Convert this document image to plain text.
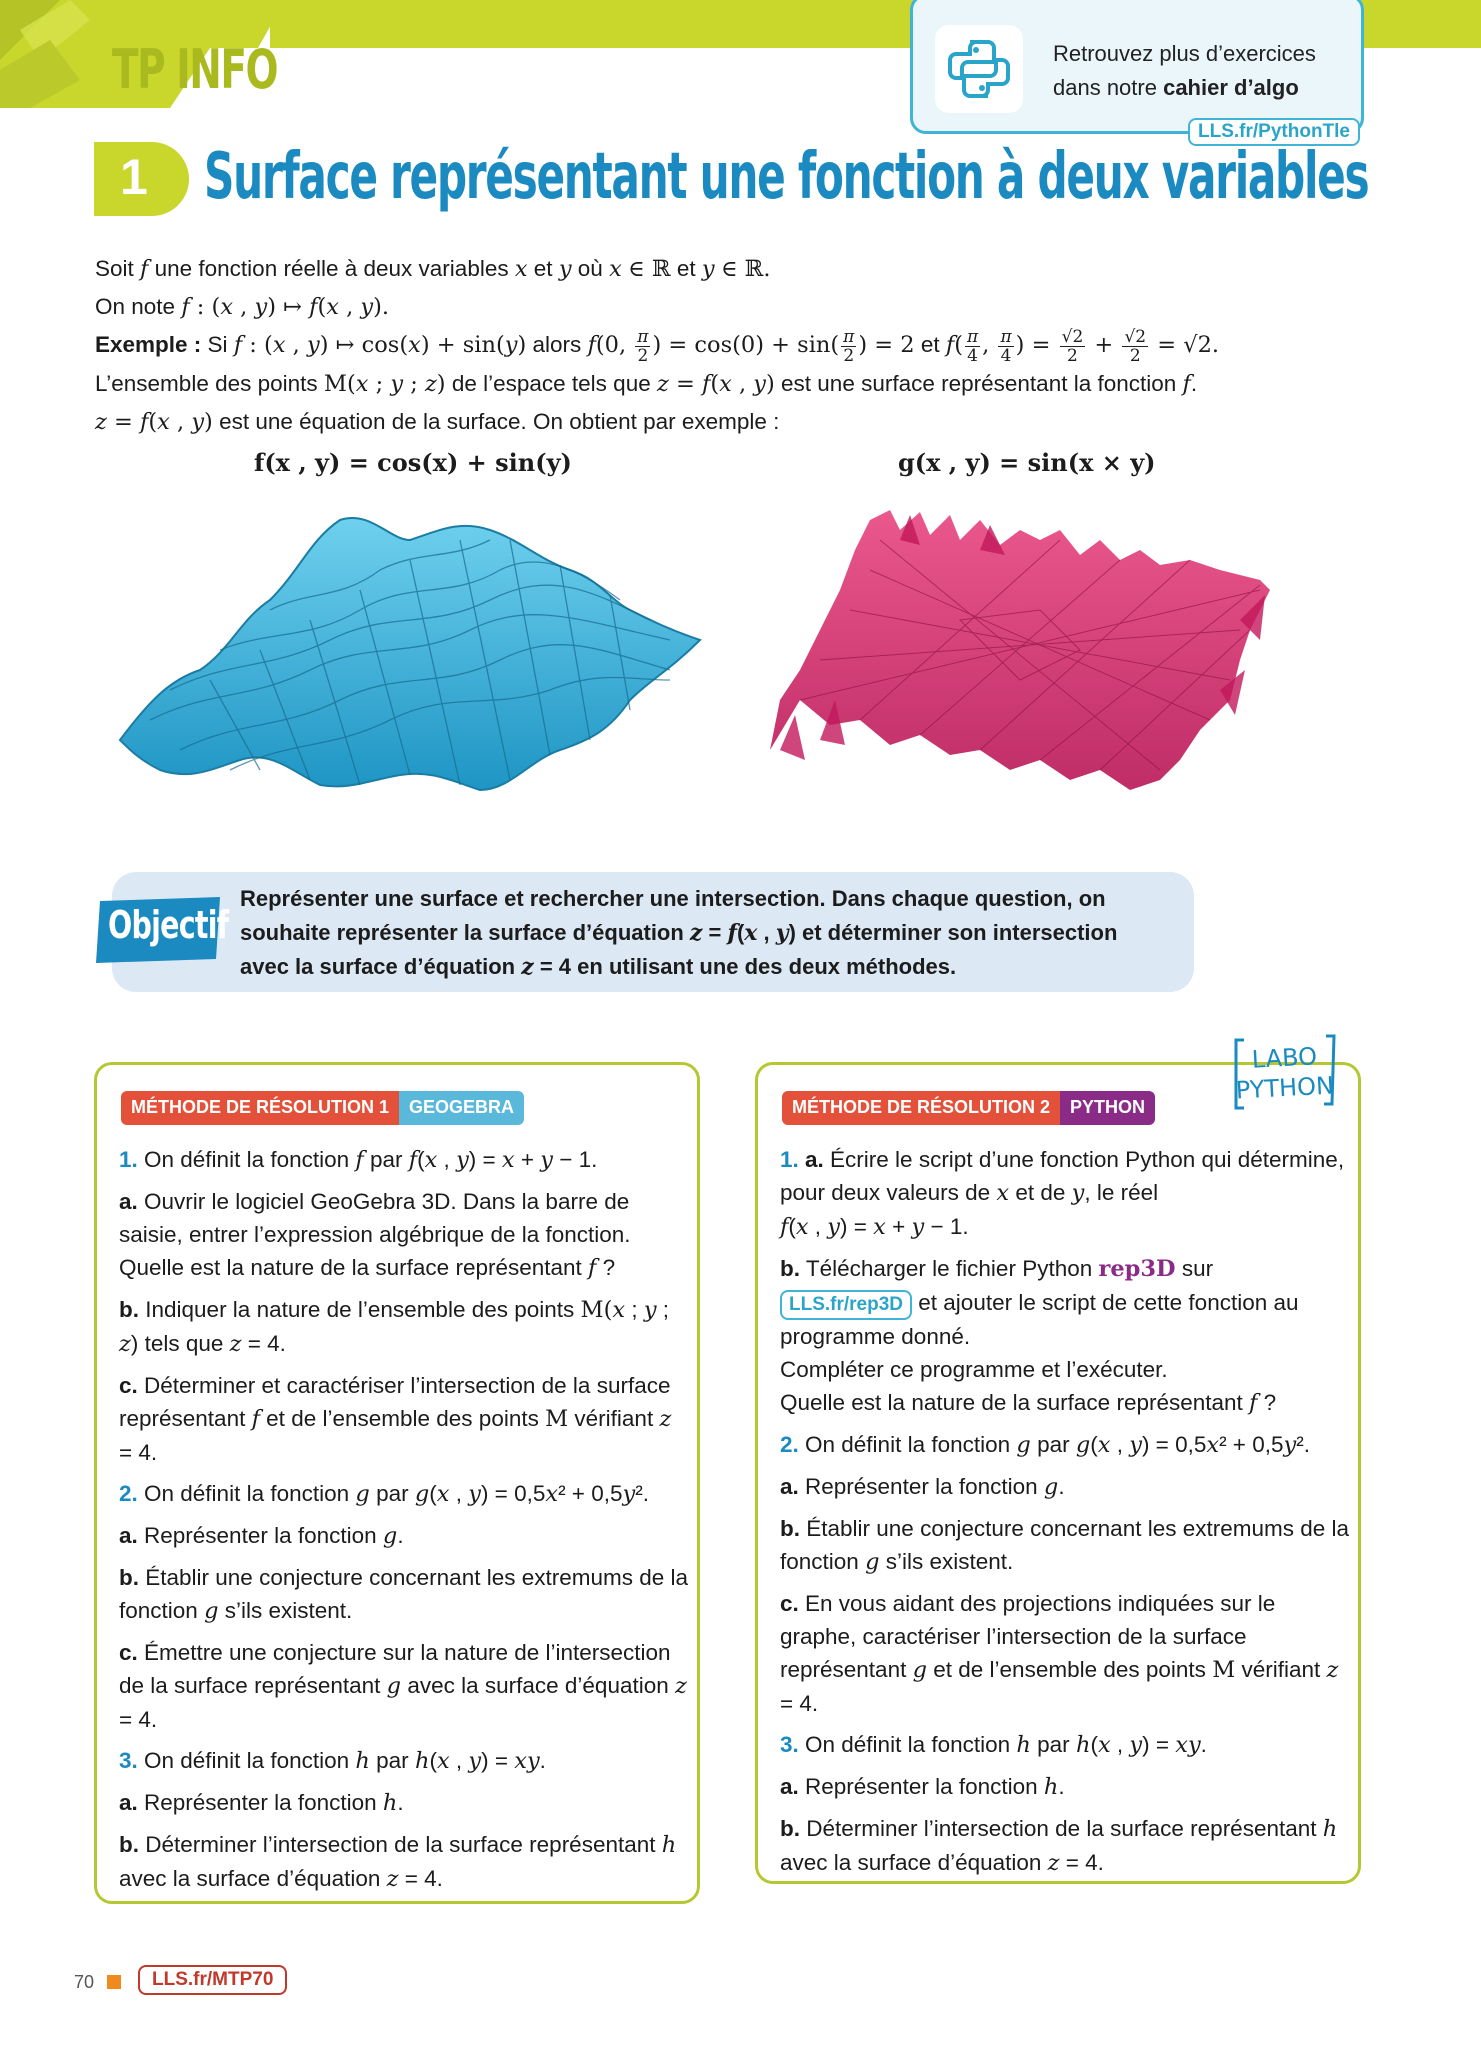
TP INFO	Retrouvez plus d’exercices
dans notre cahier d’algo
LLS.fr/PythonTle
1 Surface représentant une fonction à deux variables
Soit f une fonction réelle à deux variables x et y où x ∈ ℝ et y ∈ ℝ.
On note f : (x , y) ↦ f(x , y).
Exemple : Si f : (x , y) ↦ cos(x) + sin(y) alors f(0, $\frac{\pi}{2}$ ) = $\cos(0) + \sin( \frac{\pi}{2}$ ) = 2 et $f( \frac{\pi}{4}$ , $\frac{\pi}{4}$ ) = $\frac{√2}{2} + \frac{√2}{2} = √2$.
L’ensemble des points M(x ; y ; z) de l’espace tels que z = f(x , y) est une surface représentant la fonction f.
z = f(x , y) est une équation de la surface. On obtient par exemple :
f(x , y) = cos(x) + sin(y)	g(x , y) = sin(x × y)
Objectif
Représenter une surface et rechercher une intersection. Dans chaque question, on
souhaite représenter la surface d’équation z = f(x , y) et déterminer son intersection
avec la surface d’équation z = 4 en utilisant une des deux méthodes.
MÉTHODE DE RÉSOLUTION 1	GEOGEBRA

1. On définit la fonction f par f(x , y) = x + y − 1.

a. Ouvrir le logiciel GeoGebra 3D. Dans la barre de saisie, entrer l’expression algébrique de la fonction. Quelle est la nature de la surface représentant f ?

b. Indiquer la nature de l’ensemble des points M(x ; y ; z) tels que z = 4.

c. Déterminer et caractériser l’intersection de la surface représentant f et de l’ensemble des points M vérifiant z = 4.

2. On définit la fonction g par g(x , y) = 0,5x² + 0,5y².

a. Représenter la fonction g.

b. Établir une conjecture concernant les extremums de la fonction g s’ils existent.

c. Émettre une conjecture sur la nature de l’intersection de la surface représentant g avec la surface d’équation z = 4.

3. On définit la fonction h par h(x , y) = xy.

a. Représenter la fonction h.

b. Déterminer l’intersection de la surface représentant h avec la surface d’équation z = 4.

MÉTHODE DE RÉSOLUTION 2	PYTHON

1. a. Écrire le script d’une fonction Python qui détermine, pour deux valeurs de x et de y, le réel
f(x , y) = x + y − 1.

b. Télécharger le fichier Python rep3D sur
LLS.fr/rep3D et ajouter le script de cette fonction au programme donné.
Compléter ce programme et l’exécuter.
Quelle est la nature de la surface représentant f ?

2. On définit la fonction g par g(x , y) = 0,5x² + 0,5y².

a. Représenter la fonction g.

b. Établir une conjecture concernant les extremums de la fonction g s’ils existent.

c. En vous aidant des projections indiquées sur le graphe, caractériser l’intersection de la surface représentant g et de l’ensemble des points M vérifiant z = 4.

3. On définit la fonction h par h(x , y) = xy.

a. Représenter la fonction h.

b. Déterminer l’intersection de la surface représentant h avec la surface d’équation z = 4.

LABO
PYTHON
70	LLS.fr/MTP70
